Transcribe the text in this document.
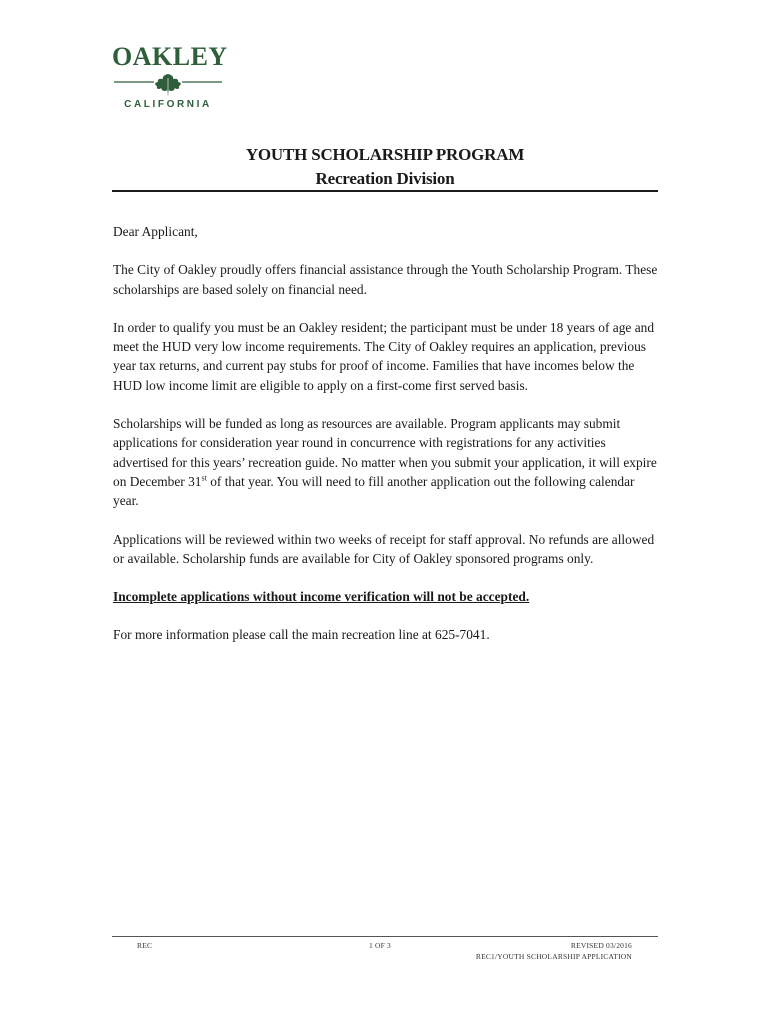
OAKLEY
CALIFORNIA
YOUTH SCHOLARSHIP PROGRAM
Recreation Division

Dear Applicant,

The City of Oakley proudly offers financial assistance through the Youth Scholarship Program. These scholarships are based solely on financial need.

In order to qualify you must be an Oakley resident; the participant must be under 18 years of age and meet the HUD very low income requirements. The City of Oakley requires an application, previous year tax returns, and current pay stubs for proof of income. Families that have incomes below the HUD low income limit are eligible to apply on a first-come first served basis.

Scholarships will be funded as long as resources are available. Program applicants may submit applications for consideration year round in concurrence with registrations for any activities advertised for this years’ recreation guide. No matter when you submit your application, it will expire on December 31st of that year. You will need to fill another application out the following calendar year.

Applications will be reviewed within two weeks of receipt for staff approval. No refunds are allowed or available. Scholarship funds are available for City of Oakley sponsored programs only.

Incomplete applications without income verification will not be accepted.

For more information please call the main recreation line at 625-7041.

REC	1 OF 3	REVISED 03/2016
REC1/YOUTH SCHOLARSHIP APPLICATION
